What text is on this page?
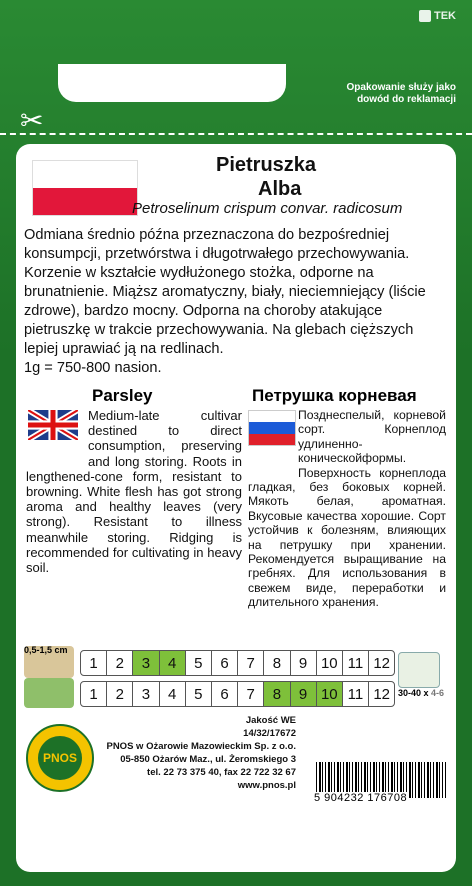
TEK
Opakowanie służy jako dowód do reklamacji
✂
Pietruszka
Alba
Petroselinum crispum convar. radicosum
Odmiana średnio późna przeznaczona do bezpośredniej konsumpcji, przetwórstwa i długotrwałego przechowywania. Korzenie w kształcie wydłużonego stożka, odporne na brunatnienie. Miąższ aromatyczny, biały, nieciemniejący (liście zdrowe), bardzo mocny. Odporna na choroby atakujące pietruszkę w trakcie przechowywania. Na glebach cięższych lepiej uprawiać ją na redlinach.
1g = 750-800 nasion.
Parsley	Петрушка корневая
Medium-late cultivar destined to direct consumption, preserving and long storing. Roots in lengthened-cone form, resistant to browning. White flesh has got strong aroma and healthy leaves (very strong). Resistant to illness meanwhile storing. Ridging is recommended for cultivating in heavy soil.
Позднеспелый, корневой сорт. Корнеплод удлиненно-коническойформы. Поверхность корнеплода гладкая, без боковых корней. Мякоть белая, ароматная. Вкусовые качества хорошие. Сорт устойчив к болезням, влияющих на петрушку при хранении. Рекомендуется выращивание на гребнях. Для использования в свежем виде, переработки и длительного хранения.
0,5-1,5 cm
1	2	3	4	5	6	7	8	9 10 11 12
1	2	3	4	5	6	7	8	9 10 11 12 30-40 x 4-6
PNOS
Jakość WE
14/32/17672
PNOS w Ożarowie Mazowieckim Sp. z o.o.
05-850 Ożarów Maz., ul. Żeromskiego 3
tel. 22 73 375 40, fax 22 722 32 67
www.pnos.pl
5 904232 176708
